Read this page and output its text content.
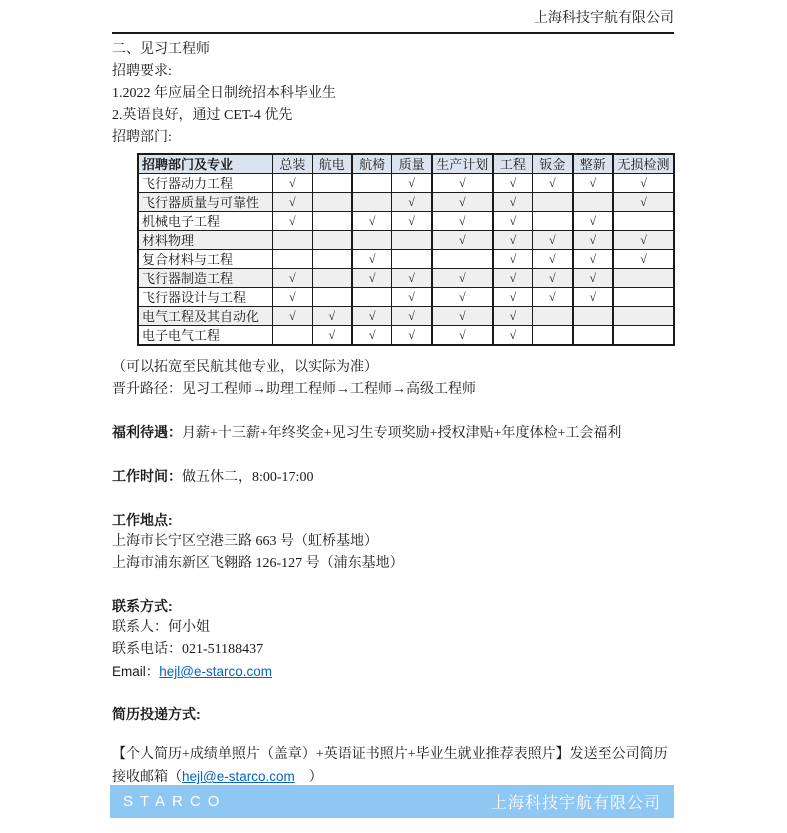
上海科技宇航有限公司

二、见习工程师

招聘要求:

1.2022 年应届全日制统招本科毕业生

2.英语良好，通过 CET-4 优先

招聘部门:

招聘部门及专业	总装	航电	航椅	质量	生产计划	工程	钣金	整新	无损检测
飞行器动力工程	√			√	√	√	√	√	√
飞行器质量与可靠性	√			√	√	√			√
机械电子工程	√		√	√	√	√		√	
材料物理					√	√	√	√	√
复合材料与工程			√			√	√	√	√
飞行器制造工程	√		√	√	√	√	√	√	
飞行器设计与工程	√			√	√	√	√	√	
电气工程及其自动化	√	√	√	√	√	√			
电子电气工程		√	√	√	√	√			

（可以拓宽至民航其他专业，以实际为准）

晋升路径：见习工程师→助理工程师→工程师→高级工程师

福利待遇：月薪+十三薪+年终奖金+见习生专项奖励+授权津贴+年度体检+工会福利

工作时间：做五休二，8:00-17:00

工作地点:

上海市长宁区空港三路 663 号（虹桥基地）

上海市浦东新区飞翱路 126-127 号（浦东基地）

联系方式:

联系人：何小姐

联系电话：021-51188437

Email：hejl@e-starco.com

简历投递方式:

【个人简历+成绩单照片（盖章）+英语证书照片+毕业生就业推荐表照片】发送至公司简历接收邮箱（hejl@e-starco.com　）

STARCO	上海科技宇航有限公司
